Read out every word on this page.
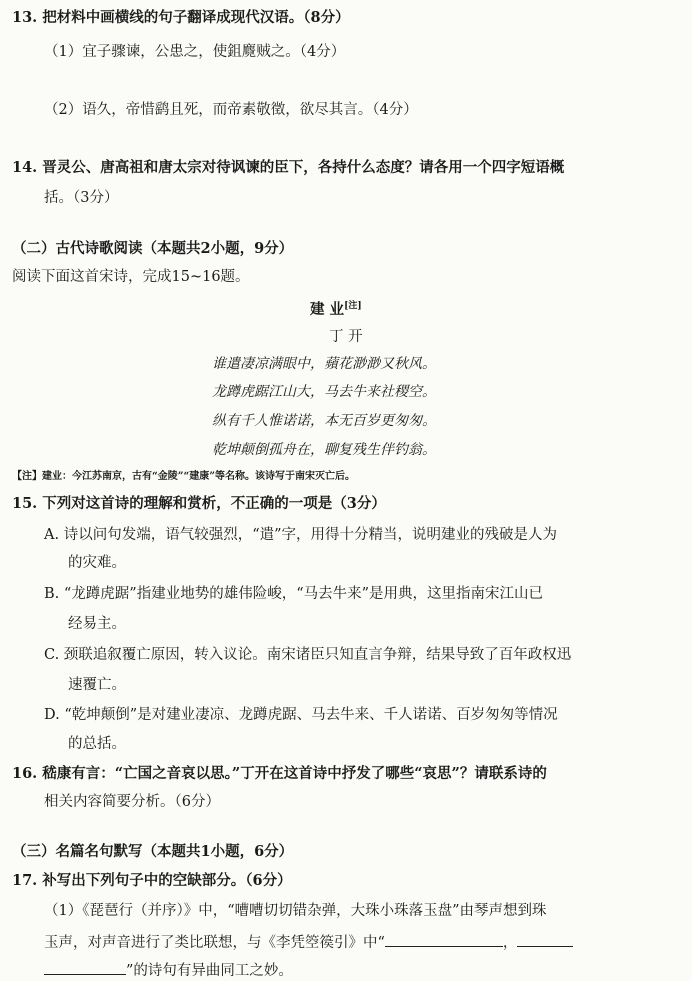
13. 把材料中画横线的句子翻译成现代汉语。（8分）
（1）宜子骤谏，公患之，使鉏麑贼之。（4分）
（2）语久，帝惜鹞且死，而帝素敬徵，欲尽其言。（4分）
14. 晋灵公、唐高祖和唐太宗对待讽谏的臣下，各持什么态度？请各用一个四字短语概
括。（3分）
（二）古代诗歌阅读（本题共2小题，9分）
阅读下面这首宋诗，完成15~16题。
建 业[注]
丁 开
谁遣凄凉满眼中，蘋花渺渺又秋风。
龙蹲虎踞江山大，马去牛来社稷空。
纵有千人惟诺诺，本无百岁更匆匆。
乾坤颠倒孤舟在，聊复残生伴钓翁。
【注】建业：今江苏南京，古有“金陵”“建康”等名称。该诗写于南宋灭亡后。
15. 下列对这首诗的理解和赏析，不正确的一项是（3分）
A. 诗以问句发端，语气较强烈，“遣”字，用得十分精当，说明建业的残破是人为
的灾难。
B. “龙蹲虎踞”指建业地势的雄伟险峻，“马去牛来”是用典，这里指南宋江山已
经易主。
C. 颈联追叙覆亡原因，转入议论。南宋诸臣只知直言争辩，结果导致了百年政权迅
速覆亡。
D. “乾坤颠倒”是对建业凄凉、龙蹲虎踞、马去牛来、千人诺诺、百岁匆匆等情况
的总括。
16. 嵇康有言：“亡国之音哀以思。”丁开在这首诗中抒发了哪些“哀思”？请联系诗的
相关内容简要分析。（6分）
（三）名篇名句默写（本题共1小题，6分）
17. 补写出下列句子中的空缺部分。（6分）
（1）《琵琶行（并序）》中，“嘈嘈切切错杂弹，大珠小珠落玉盘”由琴声想到珠
玉声，对声音进行了类比联想，与《李凭箜篌引》中“	，
”的诗句有异曲同工之妙。
